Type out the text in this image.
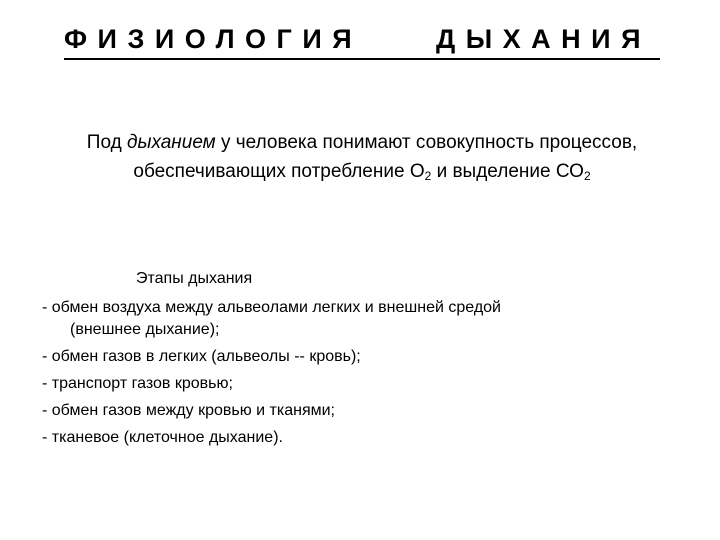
ФИЗИОЛОГИЯ	ДЫХАНИЯ
Под дыханием у человека понимают совокупность процессов, обеспечивающих потребление $О_2$ и выделение $СО_2$
Этапы дыхания
- обмен воздуха между альвеолами легких и внешней средой
(внешнее дыхание);
- обмен газов в легких (альвеолы -- кровь);
- транспорт газов кровью;
- обмен газов между кровью и тканями;
- тканевое (клеточное дыхание).
